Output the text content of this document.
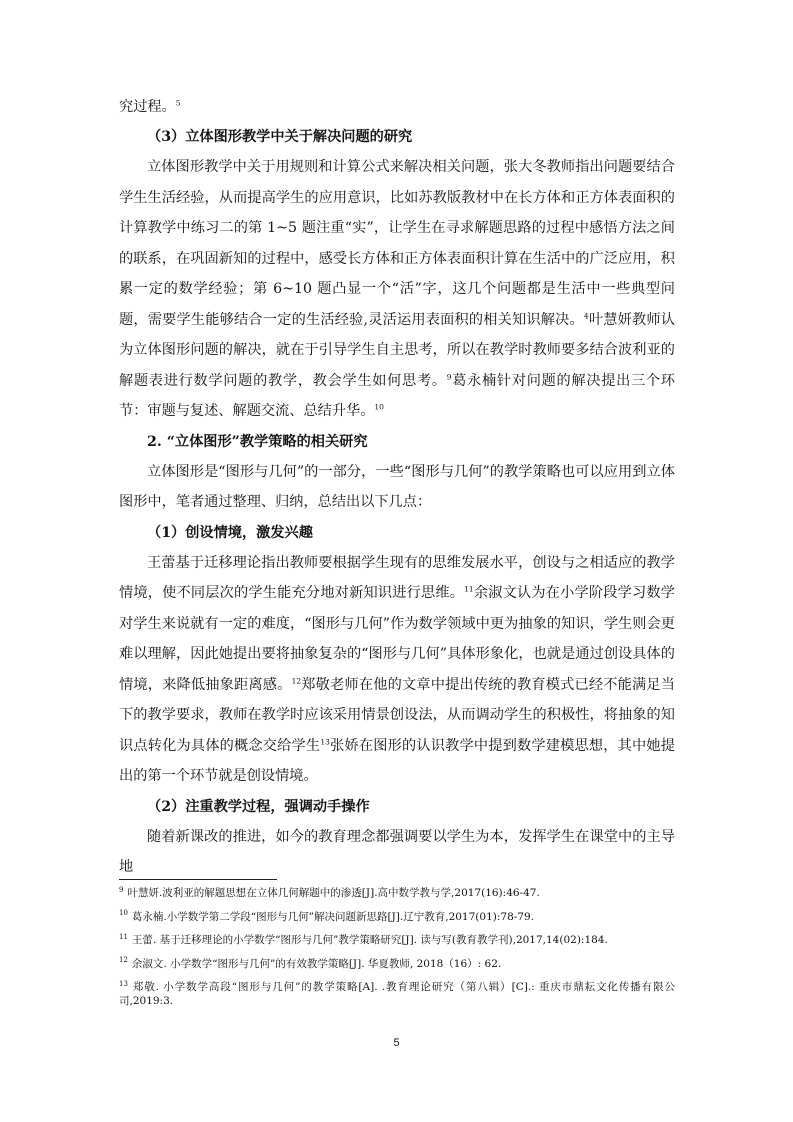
究过程。$^5$

（3）立体图形教学中关于解决问题的研究

立体图形教学中关于用规则和计算公式来解决相关问题，张大冬教师指出问题要结合学生生活经验，从而提高学生的应用意识，比如苏教版教材中在长方体和正方体表面积的计算教学中练习二的第 1~5 题注重“实”，让学生在寻求解题思路的过程中感悟方法之间的联系，在巩固新知的过程中，感受长方体和正方体表面积计算在生活中的广泛应用，积累一定的数学经验；第 6~10 题凸显一个“活”字，这几个问题都是生活中一些典型问题，需要学生能够结合一定的生活经验,灵活运用表面积的相关知识解决。$^4$叶慧妍教师认为立体图形问题的解决，就在于引导学生自主思考，所以在教学时教师要多结合波利亚的解题表进行数学问题的教学，教会学生如何思考。$^9$葛永楠针对问题的解决提出三个环节：审题与复述、解题交流、总结升华。$^{10}$

2. “立体图形”教学策略的相关研究

立体图形是“图形与几何”的一部分，一些“图形与几何”的教学策略也可以应用到立体图形中，笔者通过整理、归纳，总结出以下几点：

（1）创设情境，激发兴趣

王蕾基于迁移理论指出教师要根据学生现有的思维发展水平，创设与之相适应的教学情境，使不同层次的学生能充分地对新知识进行思维。$^{11}$余淑文认为在小学阶段学习数学对学生来说就有一定的难度，“图形与几何”作为数学领域中更为抽象的知识，学生则会更难以理解，因此她提出要将抽象复杂的“图形与几何”具体形象化，也就是通过创设具体的情境，来降低抽象距离感。$^{12}$郑敬老师在他的文章中提出传统的教育模式已经不能满足当下的教学要求，教师在教学时应该采用情景创设法，从而调动学生的积极性，将抽象的知识点转化为具体的概念交给学生$^{13}$张娇在图形的认识教学中提到数学建模思想，其中她提出的第一个环节就是创设情境。

（2）注重教学过程，强调动手操作

随着新课改的推进，如今的教育理念都强调要以学生为本，发挥学生在课堂中的主导地

$^9$ 叶慧妍.波利亚的解题思想在立体几何解题中的渗透[J].高中数学教与学,2017(16):46-47.

$^{10}$ 葛永楠.小学数学第二学段“图形与几何”解决问题新思路[J].辽宁教育,2017(01):78-79.

$^{11}$ 王蕾. 基于迁移理论的小学数学“图形与几何”教学策略研究[J]. 读与写(教育教学刊),2017,14(02):184.

$^{12}$ 余淑文. 小学数学“图形与几何”的有效教学策略[J]. 华夏教师, 2018（16）: 62.

$^{13}$ 郑敬. 小学数学高段“图形与几何”的教学策略[A]. .教育理论研究（第八辑）[C].: 重庆市鼎耘文化传播有限公司,2019:3.

5
